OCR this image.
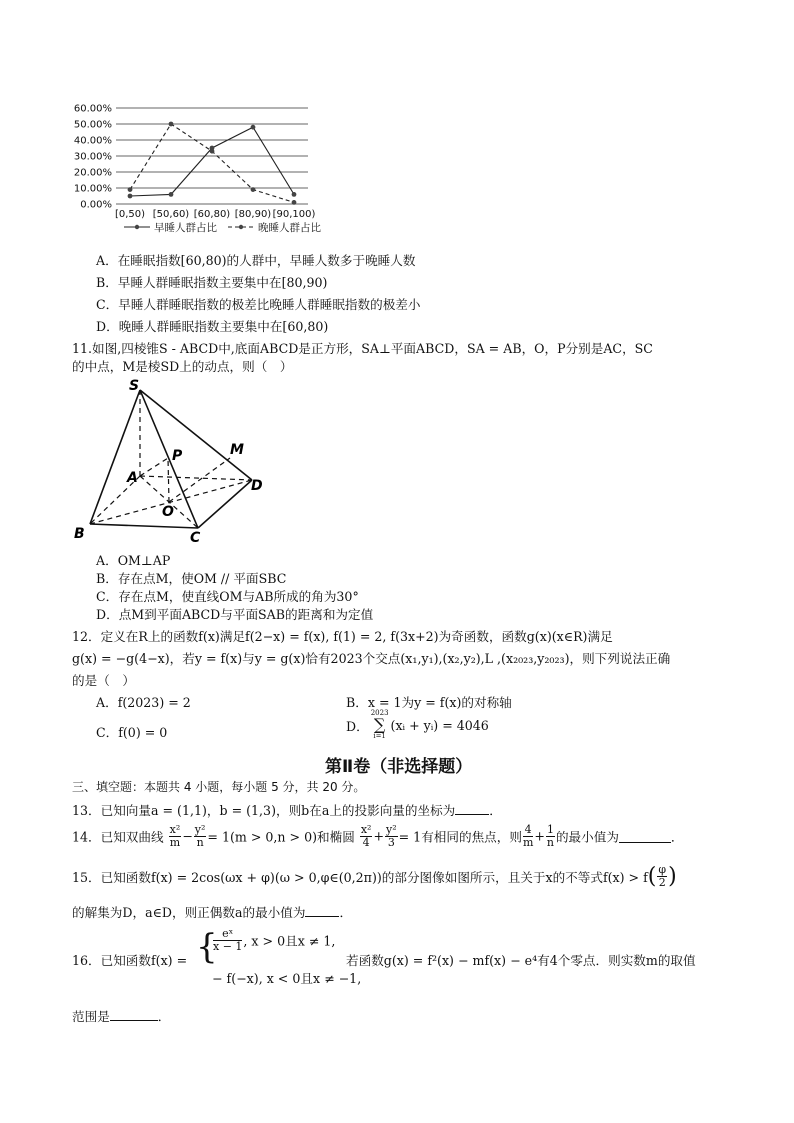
60.00%
50.00%
40.00%
30.00%
20.00%
10.00%
0.00%
[0,50) [50,60) [60,80) [80,90) [90,100)
早睡人群占比	晚睡人群占比
A．在睡眠指数[60,80)的人群中，早睡人数多于晚睡人数
B．早睡人群睡眠指数主要集中在[80,90)
C．早睡人群睡眠指数的极差比晚睡人群睡眠指数的极差小
D．晚睡人群睡眠指数主要集中在[60,80)
11.如图,四棱锥S - ABCD中,底面ABCD是正方形，SA⊥平面ABCD，SA = AB，O，P分别是AC，SC
的中点，M是棱SD上的动点，则（　）
S
A
B	C
D
O
P	M
A．OM⊥AP
B．存在点M，使OM // 平面SBC
C．存在点M，使直线OM与AB所成的角为30°
D．点M到平面ABCD与平面SAB的距离和为定值
12．定义在R上的函数f(x)满足f(2−x) = f(x), f(1) = 2, f(3x+2)为奇函数，函数g(x)(x∈R)满足
g(x) = −g(4−x)，若y = f(x)与y = g(x)恰有2023个交点(x₁,y₁),(x₂,y₂),L ,(x₂₀₂₃,y₂₀₂₃)，则下列说法正确
的是（　）
A．f(2023) = 2	B．x = 1为y = f(x)的对称轴
C．f(0) = 0	D．
2023
∑
i=1
(xᵢ + yᵢ) = 4046
第Ⅱ卷（非选择题）
三、填空题：本题共 4 小题，每小题 5 分，共 20 分。
13．已知向量a = (1,1)，b = (1,3)，则b在a上的投影向量的坐标为	．
14．已知双曲线 $\frac{\text{x²}}{m} - \frac{\text{y²}}{n} = 1(m > 0,n > 0)$和椭圆 $\frac{\text{x²}}{4} + \frac{\text{y²}}{3} = 1$有相同的焦点，则 $\frac{4}{m} + \frac{1}{n}$ 的最小值为	．
15．已知函数f(x) = 2cos(ωx + φ)(ω > 0,φ∈(0,2π))的部分图像如图所示，且关于x的不等式$f(x) > f( \frac{\varphi}{2}$ )
的解集为D，a∈D，则正偶数a的最小值为	．
16．已知函数f(x) = {
$\frac{\text{eˣ}}{x - 1}$ , x > 0且x ≠ 1,
− f(−x), x < 0且x ≠ −1,
若函数g(x) = f²(x) − mf(x) − e⁴有4个零点．则实数m的取值
范围是	．
